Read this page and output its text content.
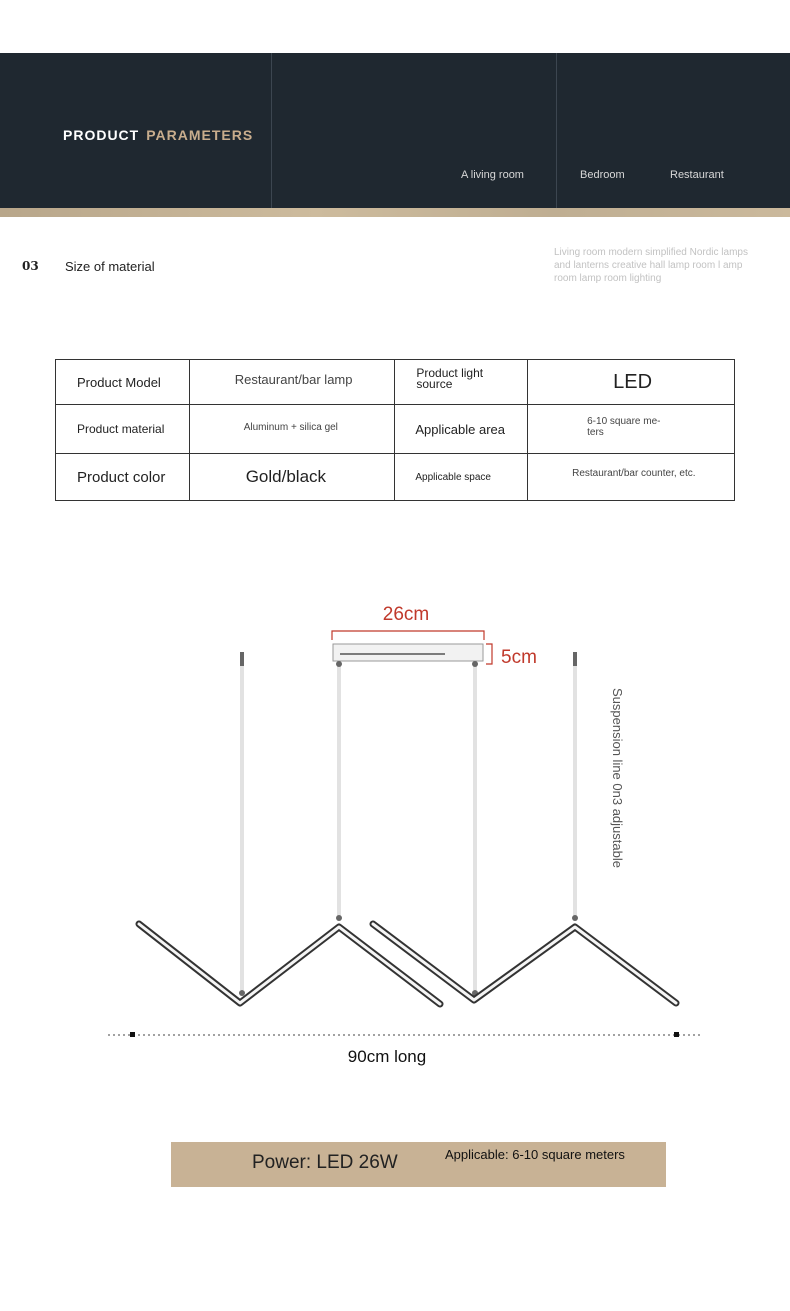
PRODUCT PARAMETERS
A living room	Bedroom	Restaurant
03 Size of material
Living room modern simplified Nordic lamps and lanterns creative hall lamp room l amp room lamp room lighting
Product Model	Restaurant/bar lamp	Product light source	LED

Product material	Aluminum + silica gel	Applicable area	6-10 square me- ters

Product color	Gold/black	Applicable space	Restaurant/bar counter, etc.
26cm
5cm
Suspension line 0n3 adjustable
90cm long
Power: LED 26W	Applicable: 6-10 square meters
